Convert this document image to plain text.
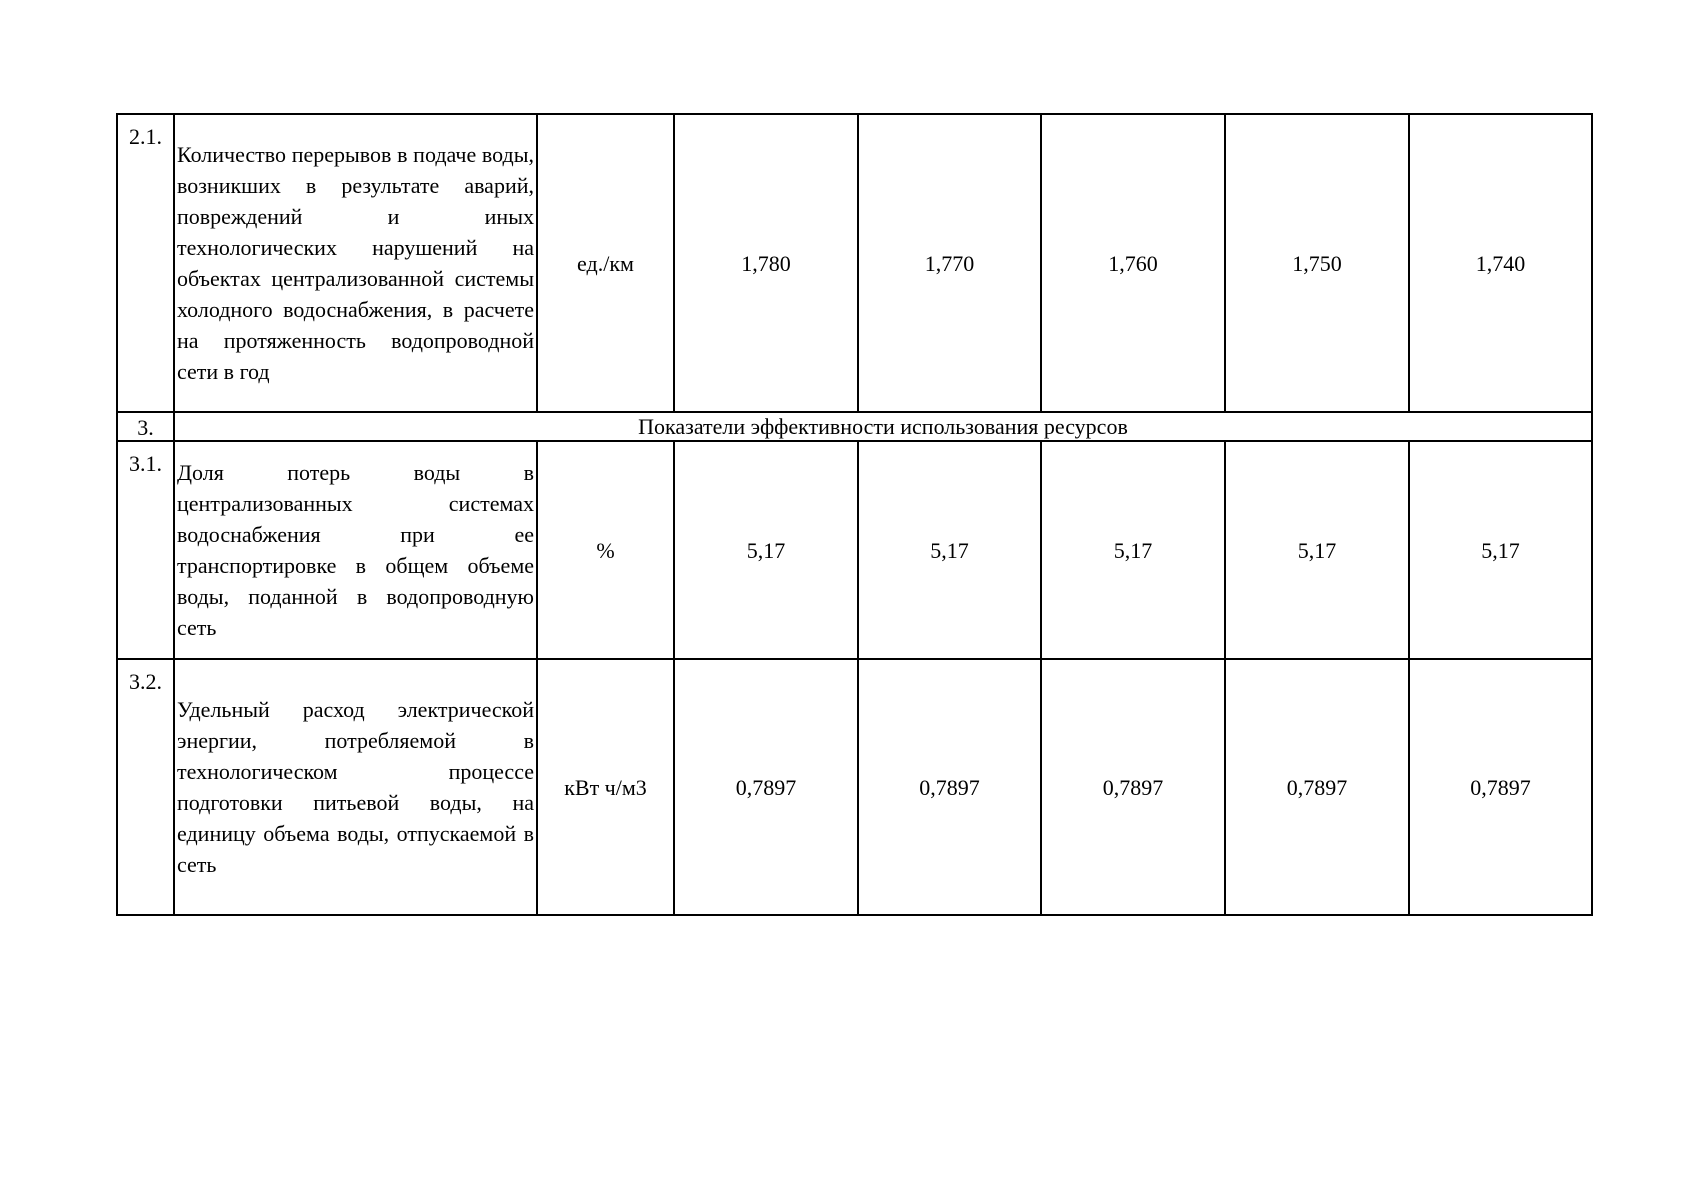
2.1.	Количество перерывов в подаче воды, возникших в результате аварий, повреждений и иных технологических нарушений на объектах централизованной системы холодного водоснабжения, в расчете на протяженность водопроводной сети в год	ед./км	1,780	1,770	1,760	1,750	1,740
3.	Показатели эффективности использования ресурсов						
3.1.	Доля потерь воды в централизованных системах водоснабжения при ее транспортировке в общем объеме воды, поданной в водопроводную сеть	%	5,17	5,17	5,17	5,17	5,17
3.2.	Удельный расход электрической энергии, потребляемой в технологическом процессе подготовки питьевой воды, на единицу объема воды, отпускаемой в сеть	кВт ч/м3	0,7897	0,7897	0,7897	0,7897	0,7897
